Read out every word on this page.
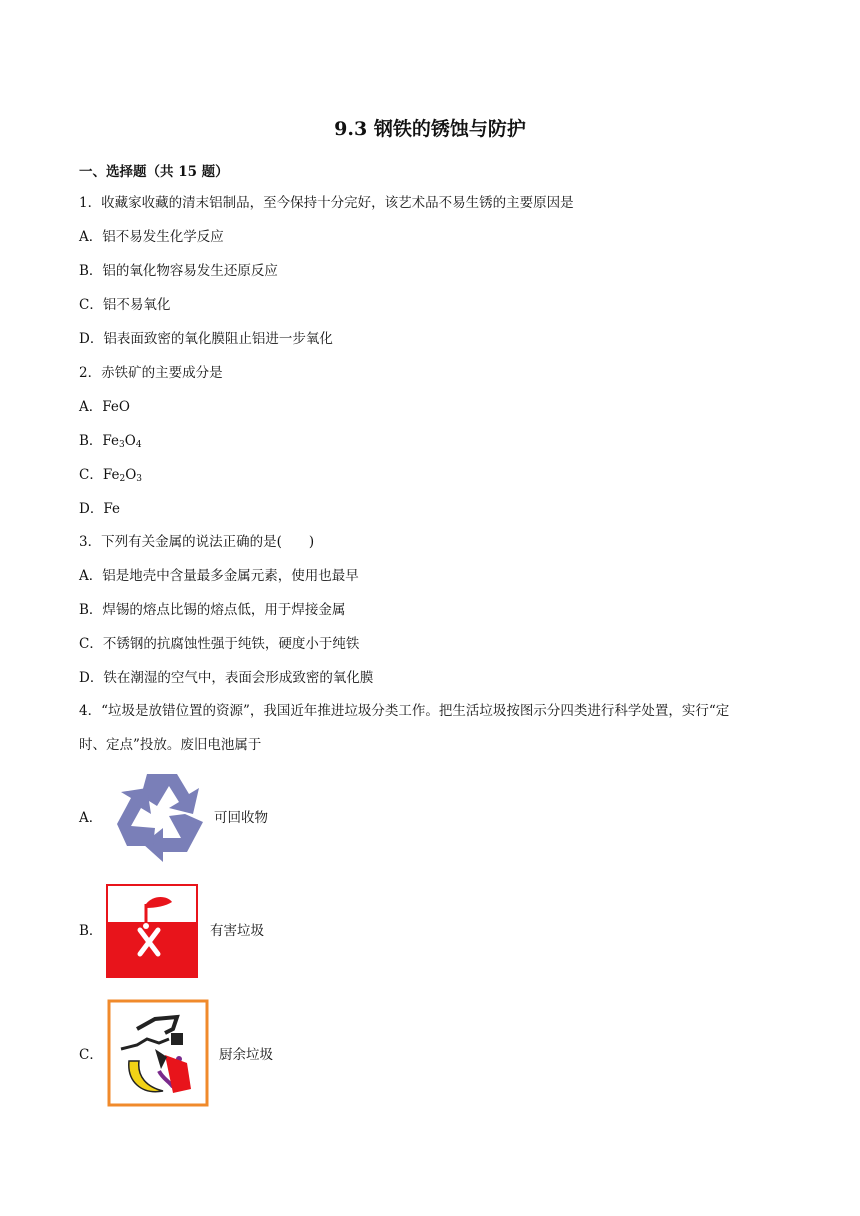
9.3 钢铁的锈蚀与防护
一、选择题（共 15 题）
1．收藏家收藏的清末铝制品，至今保持十分完好，该艺术品不易生锈的主要原因是
A．铝不易发生化学反应
B．铝的氧化物容易发生还原反应
C．铝不易氧化
D．铝表面致密的氧化膜阻止铝进一步氧化
2．赤铁矿的主要成分是
A．FeO
B．$Fe_3O_4$
C．$Fe_2O_3$
D．Fe
3．下列有关金属的说法正确的是(　　)
A．铝是地壳中含量最多金属元素，使用也最早
B．焊锡的熔点比锡的熔点低，用于焊接金属
C．不锈钢的抗腐蚀性强于纯铁，硬度小于纯铁
D．铁在潮湿的空气中，表面会形成致密的氧化膜
4．“垃圾是放错位置的资源”，我国近年推进垃圾分类工作。把生活垃圾按图示分四类进行科学处置，实行“定
时、定点”投放。废旧电池属于
A．	可回收物
B．	有害垃圾
C．	厨余垃圾
